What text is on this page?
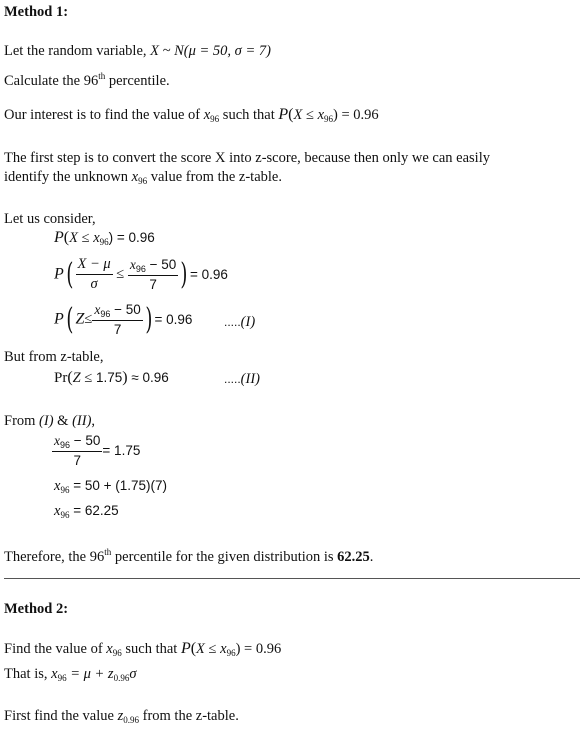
Method 1:
Let the random variable, X ~ N(μ = 50, σ = 7)
Calculate the 96th percentile.
Our interest is to find the value of $x_{96}$ such that $P(X \le x_{96}) = 0.96$
The first step is to convert the score X into z-score, because then only we can easily
identify the unknown $x_{96}$ value from the z-table.
Let us consider,
$P(X \le x_{96}) = 0.96$
$P( \frac{X - \mu}{\sigma} \le \frac{x_{96} - 50}{7}$ ) = 0.96
P( $Z\le \frac{x_{96} - 50}{7}$ ) = 0.96	.....(I)
But from z-table,
Pr(Z ≤ 1.75) ≈ 0.96	.....(II)
From (I) & (II),
$\frac{x_{96} - 50}{7} = 1.75$
$x_{96} = 50 + (1.75)(7)$
$x_{96} = 62.25$
Therefore, the 96th percentile for the given distribution is 62.25.
Method 2:
Find the value of $x_{96}$ such that $P(X \le x_{96}) = 0.96$
That is, $x_{96} = \mu + z_{0.96}\sigma$
First find the value $z_{0.96}$ from the z-table.
